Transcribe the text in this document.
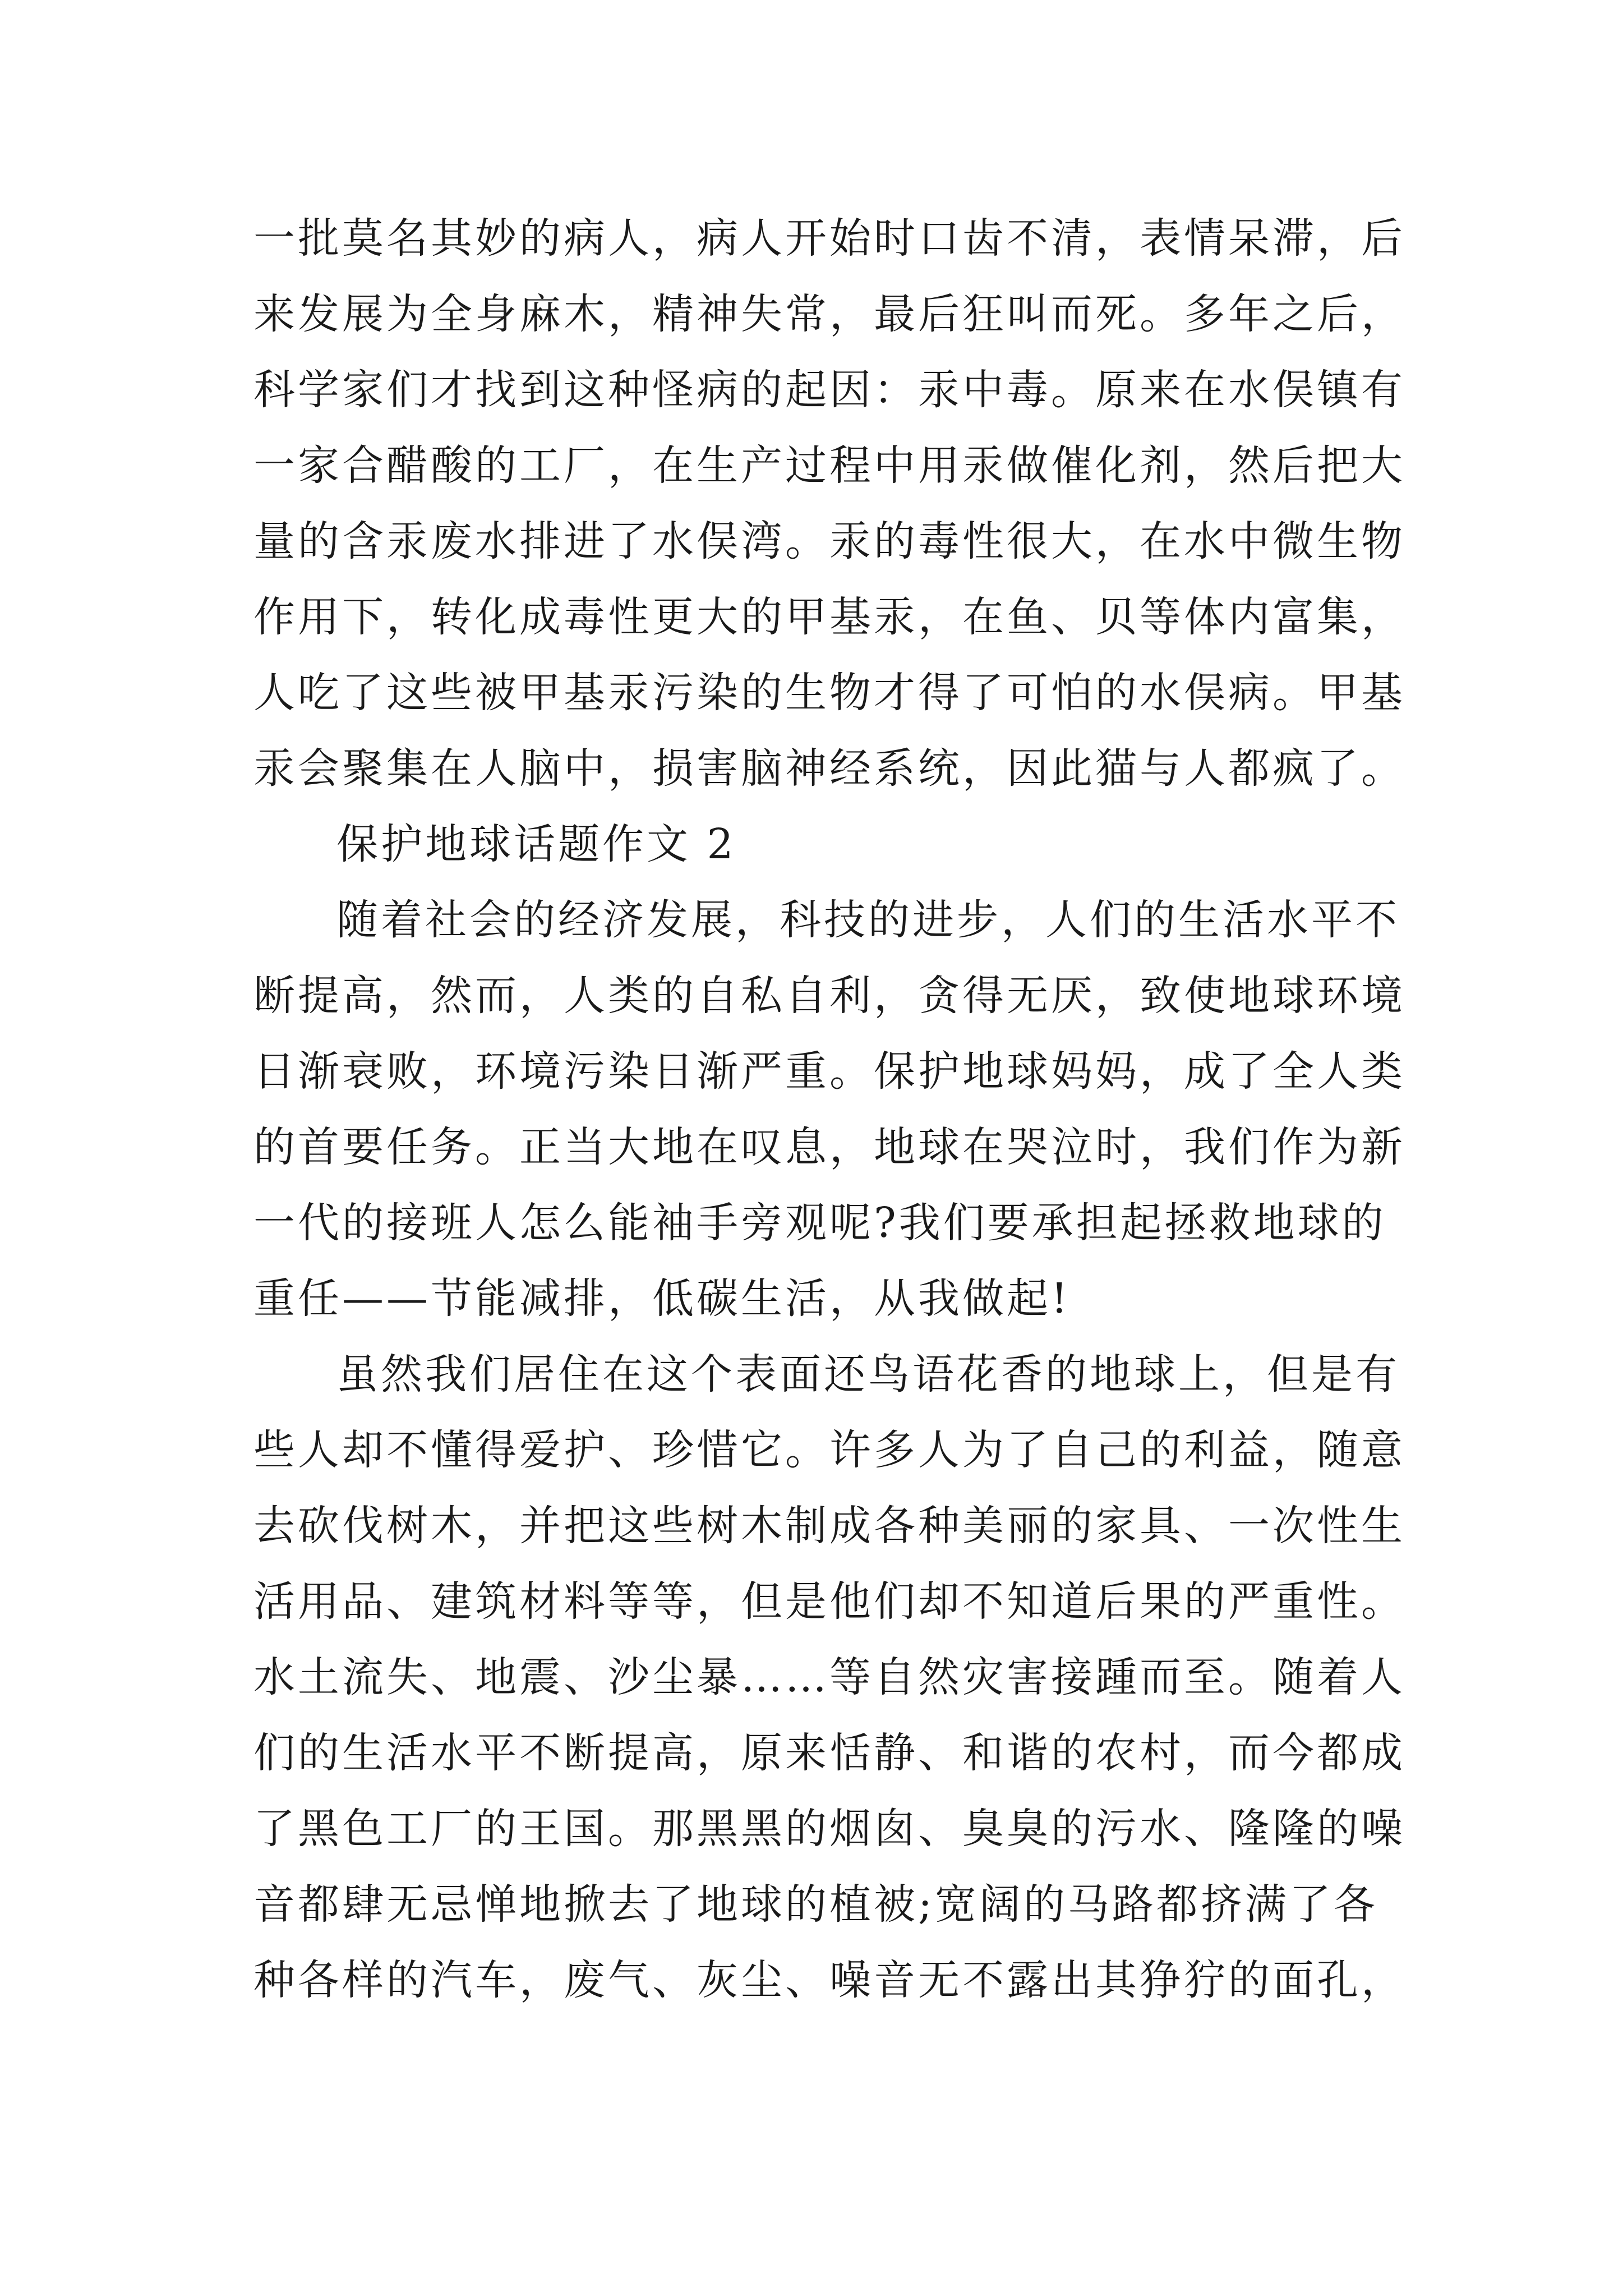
一批莫名其妙的病人，病人开始时口齿不清，表情呆滞，后
来发展为全身麻木，精神失常，最后狂叫而死。多年之后，
科学家们才找到这种怪病的起因：汞中毒。原来在水俣镇有
一家合醋酸的工厂，在生产过程中用汞做催化剂，然后把大
量的含汞废水排进了水俣湾。汞的毒性很大，在水中微生物
作用下，转化成毒性更大的甲基汞，在鱼、贝等体内富集，
人吃了这些被甲基汞污染的生物才得了可怕的水俣病。甲基
汞会聚集在人脑中，损害脑神经系统，因此猫与人都疯了。
保护地球话题作文 2
随着社会的经济发展，科技的进步，人们的生活水平不
断提高，然而，人类的自私自利，贪得无厌，致使地球环境
日渐衰败，环境污染日渐严重。保护地球妈妈，成了全人类
的首要任务。正当大地在叹息，地球在哭泣时，我们作为新
一代的接班人怎么能袖手旁观呢?我们要承担起拯救地球的
重任——节能减排，低碳生活，从我做起!
虽然我们居住在这个表面还鸟语花香的地球上，但是有
些人却不懂得爱护、珍惜它。许多人为了自己的利益，随意
去砍伐树木，并把这些树木制成各种美丽的家具、一次性生
活用品、建筑材料等等，但是他们却不知道后果的严重性。
水土流失、地震、沙尘暴……等自然灾害接踵而至。随着人
们的生活水平不断提高，原来恬静、和谐的农村，而今都成
了黑色工厂的王国。那黑黑的烟囱、臭臭的污水、隆隆的噪
音都肆无忌惮地掀去了地球的植被;宽阔的马路都挤满了各
种各样的汽车，废气、灰尘、噪音无不露出其狰狞的面孔，
